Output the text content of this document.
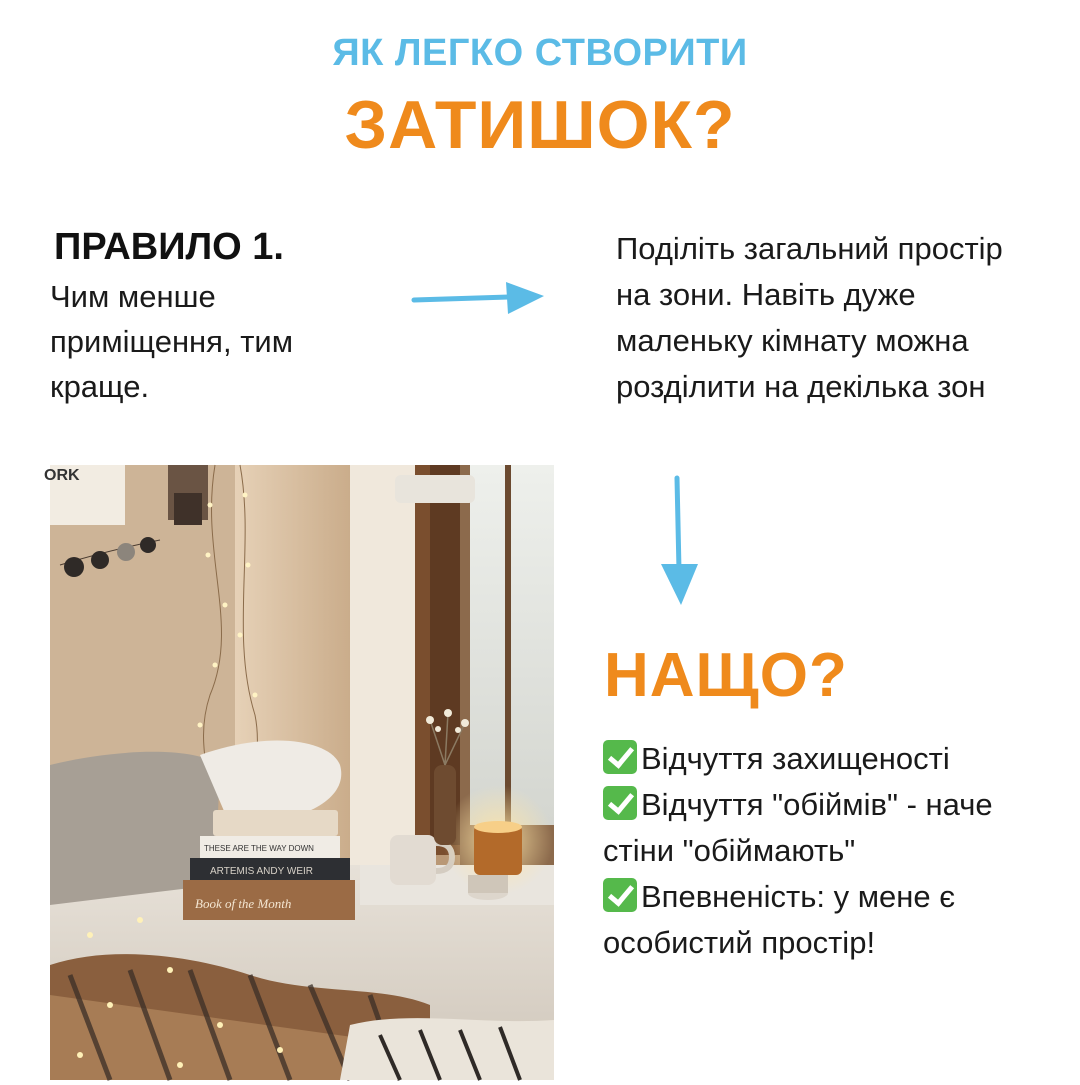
ЯК ЛЕГКО СТВОРИТИ
ЗАТИШОК?
ПРАВИЛО 1.
Чим менше приміщення, тим краще.
Поділіть загальний простір на зони. Навіть дуже маленьку кімнату можна розділити на декілька зон
ORK
THESE ARE THE WAY DOWN
ARTEMIS ANDY WEIR
Book of the Month
НАЩО?
Відчуття захищеності
Відчуття "обіймів" - наче стіни "обіймають"
Впевненість: у мене є особистий простір!
